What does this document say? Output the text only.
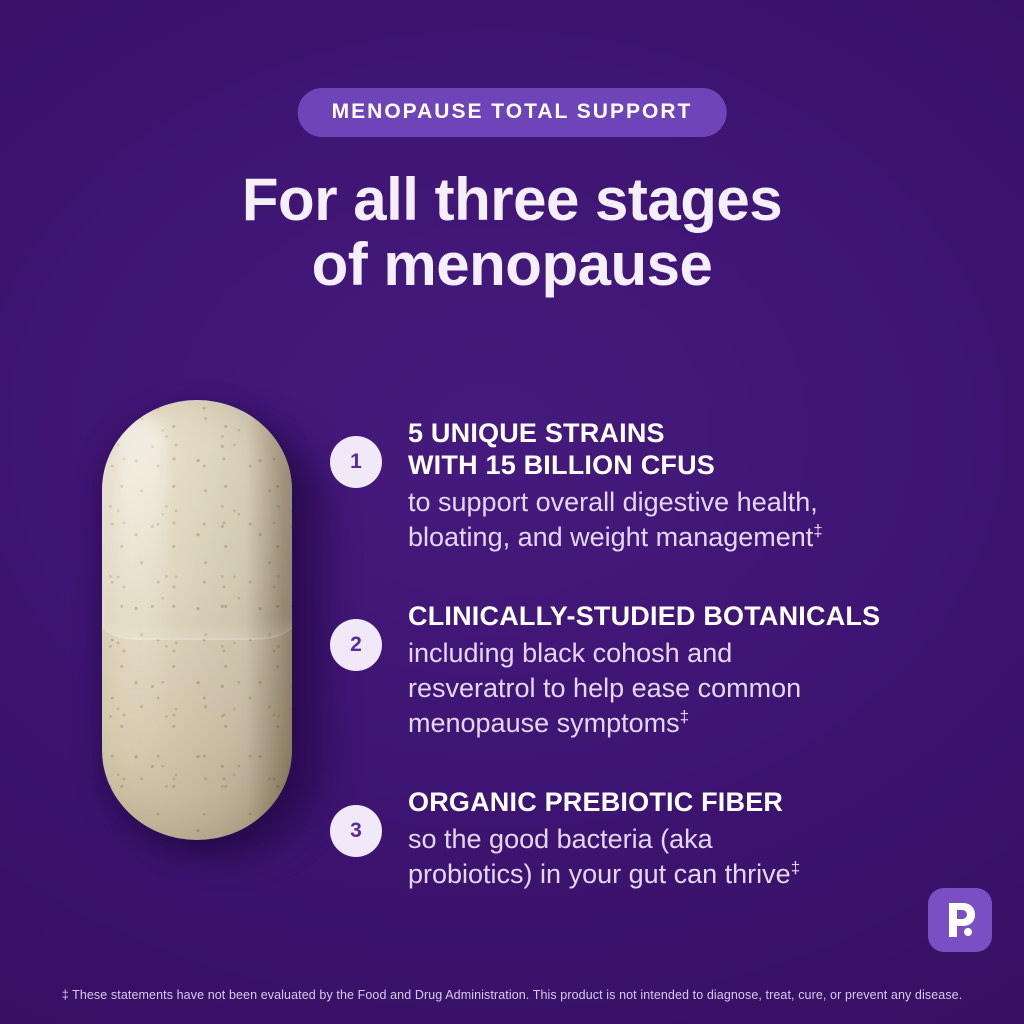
MENOPAUSE TOTAL SUPPORT
For all three stages
of menopause
1
5 UNIQUE STRAINS
WITH 15 BILLION CFUS
to support overall digestive health,
bloating, and weight management‡
2
CLINICALLY-STUDIED BOTANICALS
including black cohosh and
resveratrol to help ease common
menopause symptoms‡
3
ORGANIC PREBIOTIC FIBER
so the good bacteria (aka
probiotics) in your gut can thrive‡
‡ These statements have not been evaluated by the Food and Drug Administration. This product is not intended to diagnose, treat, cure, or prevent any disease.
